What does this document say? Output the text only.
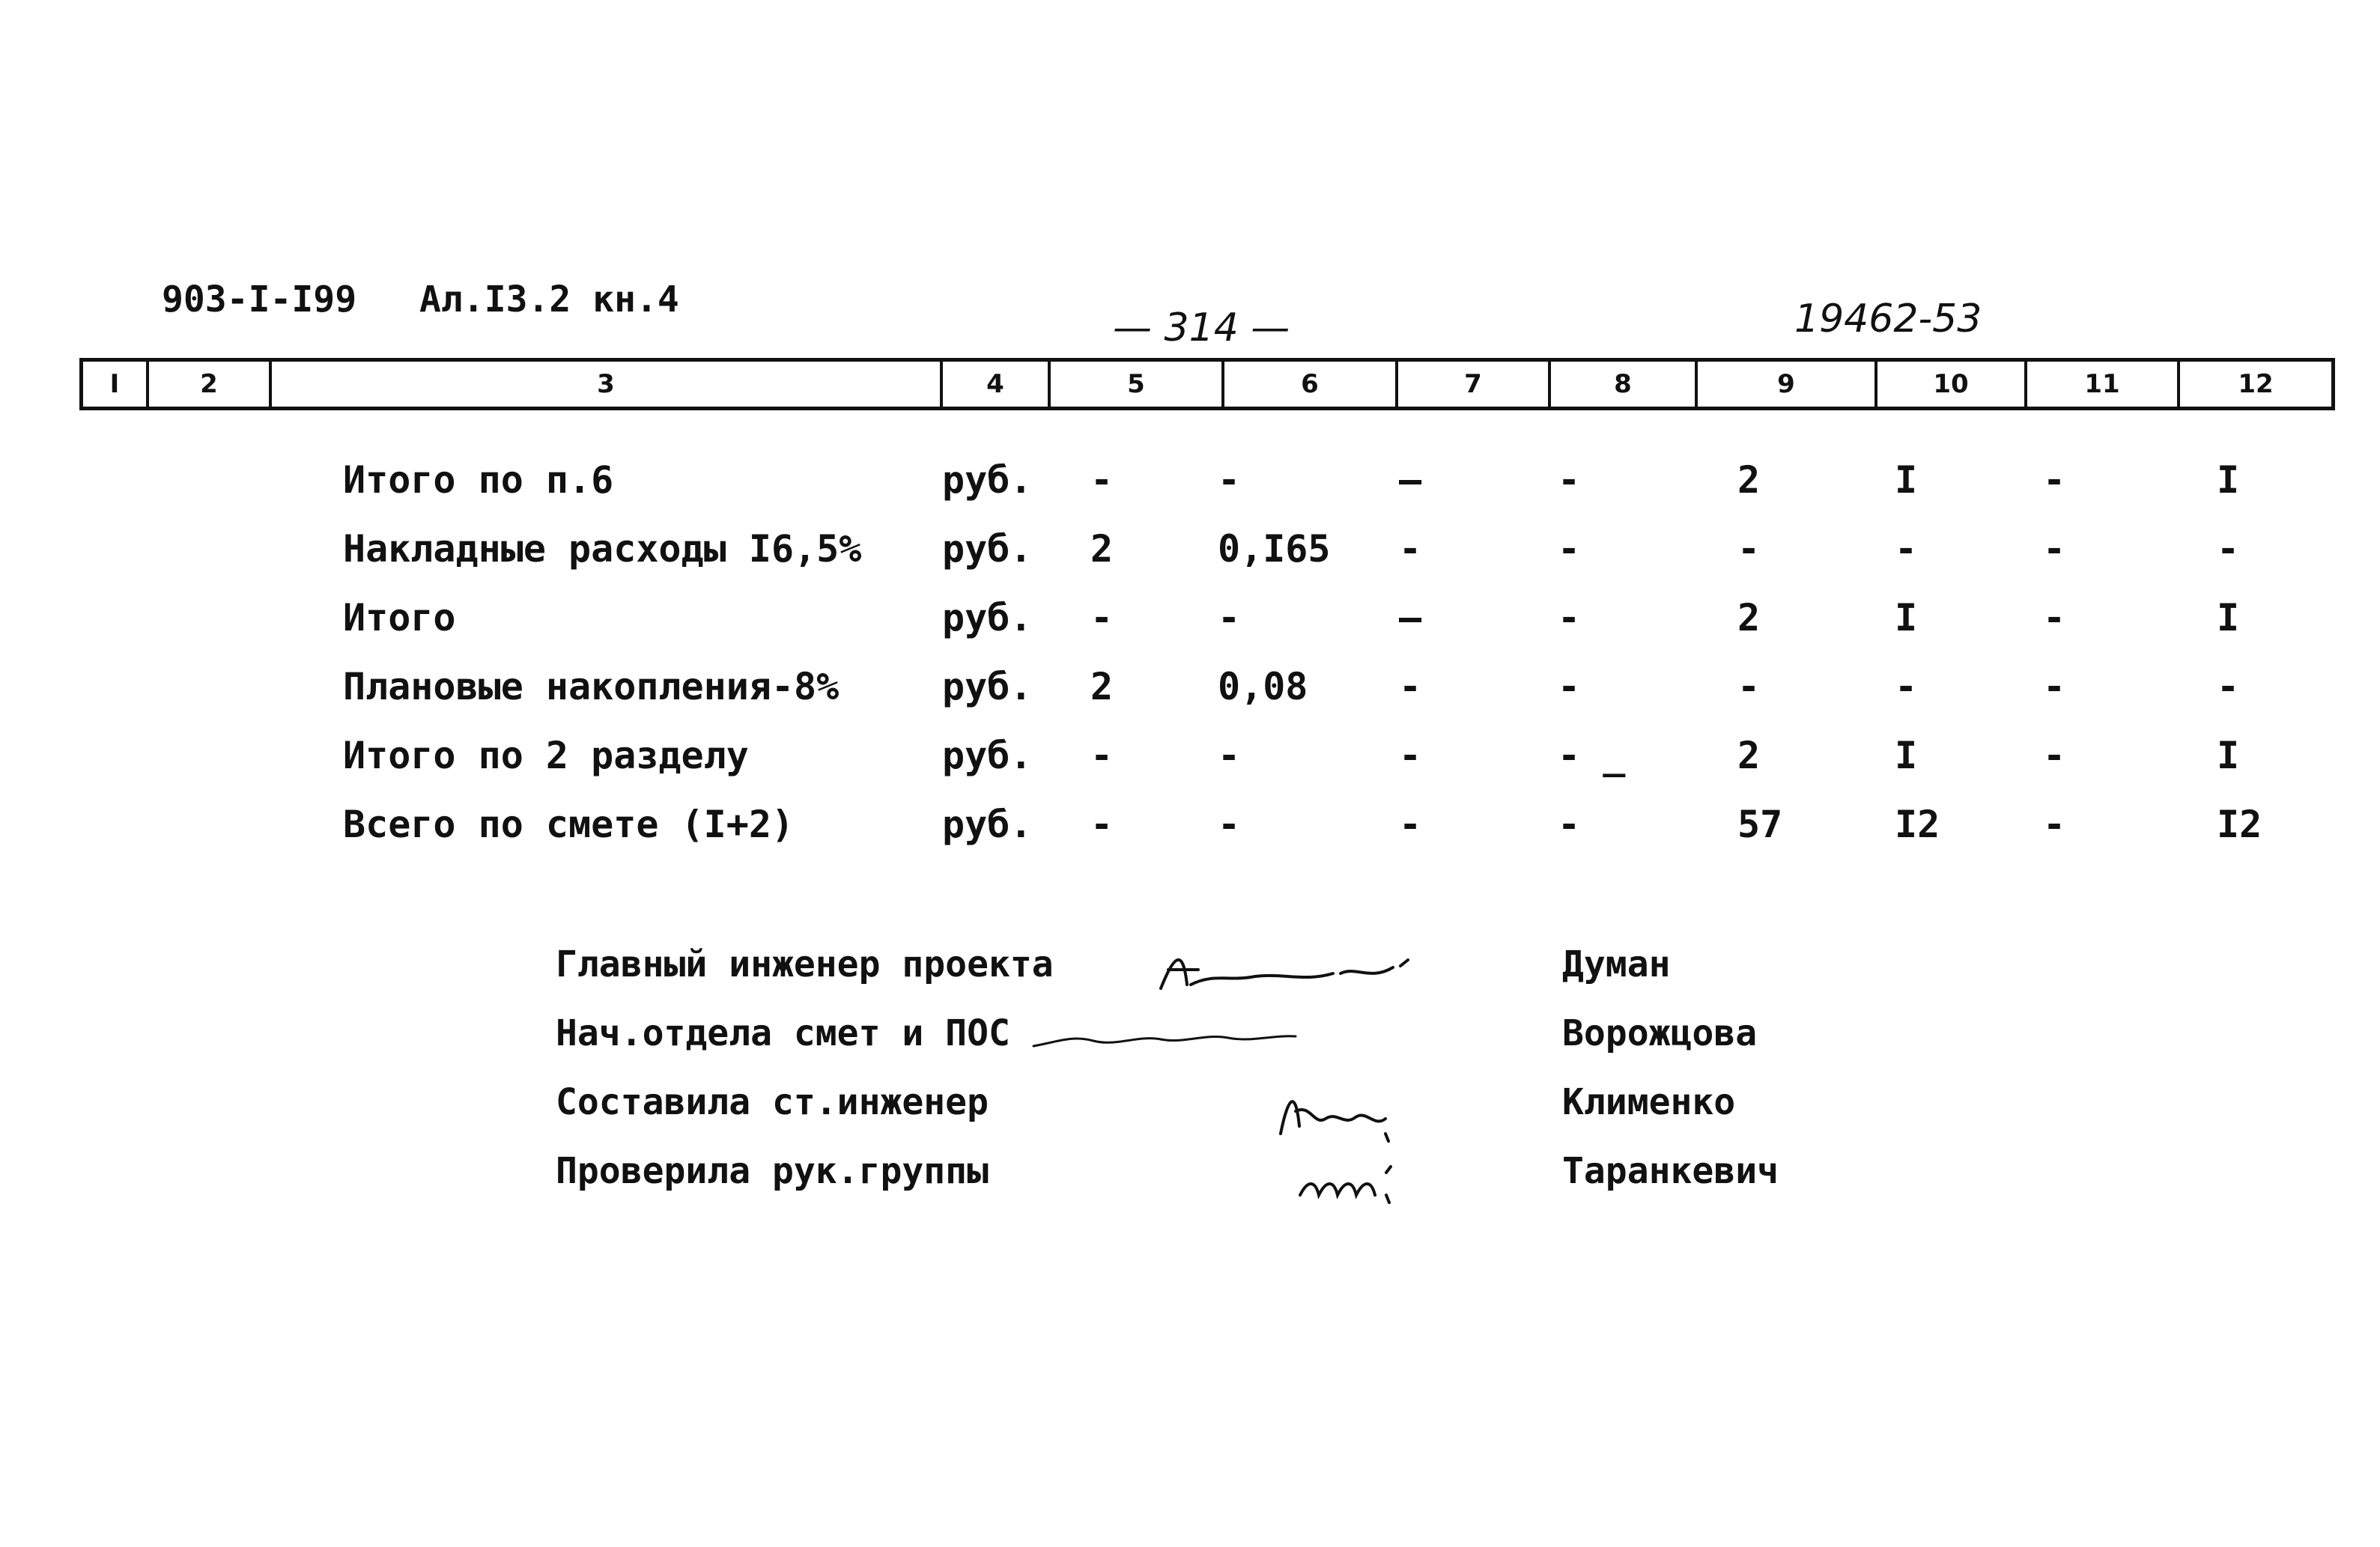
903-I-I99 Ал.I3.2 кн.4
— 314 —	19462-53
I	2	3	4	5	6	7	8	9	10	11	12
Итого по п.6	руб. -	-	—	-	2	I	-	I
Накладные расходы I6,5% руб. 2	0,I65 -	-	-	-	-	-
Итого	руб. -	-	—	-	2	I	-	I
Плановые накопления-8%	руб. 2	0,08 -	-	-	-	-	-
Итого по 2 разделу	руб. -	-	-	- _	2	I	-	I
Всего по смете (I+2)	руб. -	-	-	-	57	I2	-	I2
Главный инженер проекта	Думан
Нач.отдела смет и ПОС	Ворожцова
Составила ст.инженер	Клименко
Проверила рук.группы	Таранкевич
